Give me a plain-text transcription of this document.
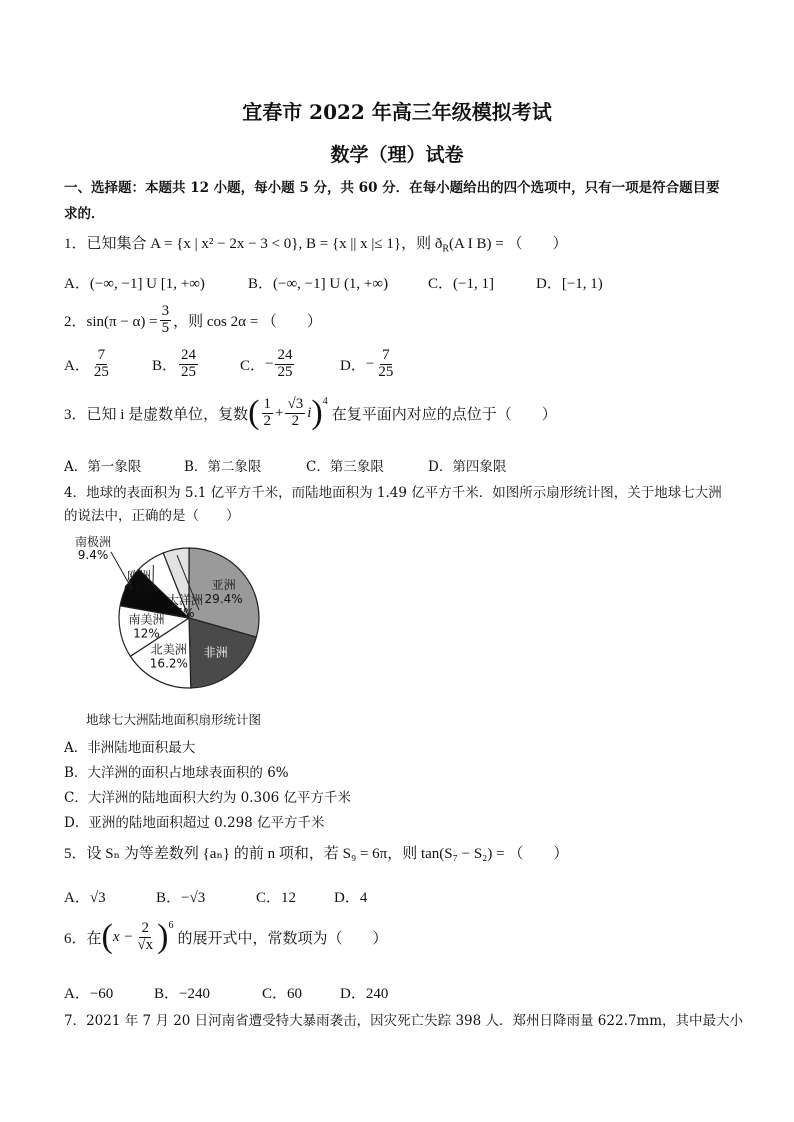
宜春市 2022 年高三年级模拟考试
数学（理）试卷
一、选择题：本题共 12 小题，每小题 5 分，共 60 分．在每小题给出的四个选项中，只有一项是符合题目要
求的．
1．已知集合 A = {x | x² − 2x − 3 < 0}, B = {x || x |≤ 1}，则 $ð_R(A$ I B) = （　　）
A．(−∞, −1] U [1, +∞)	B．(−∞, −1] U (1, +∞)	C．(−1, 1]	D．[−1, 1)
2．$\sin(\pi - \alpha) = \frac{3}{5}$ ，则 cos 2α = （　　）
A． $\frac{7}{25}$	B． $\frac{24}{25}$	C． − $\frac{24}{25}$	D． − $\frac{7}{25}$
3．已知 i 是虚数单位，复数 ( $\frac{1}{2} + \frac{√3}{2}$ i )$^4$
在复平面内对应的点位于（　　）
A．第一象限	B．第二象限	C．第三象限	D．第四象限
4．地球的表面积为 5.1 亿平方千米，而陆地面积为 1.49 亿平方千米．如图所示扇形统计图，关于地球七大洲
的说法中，正确的是（　　）
亚洲
29.4%
非洲
北美洲
16.2%
南美洲
12%
南极洲
9.4%
欧洲
6.8%
大洋洲
6%
地球七大洲陆地面积扇形统计图
A．非洲陆地面积最大
B．大洋洲的面积占地球表面积的 6%
C．大洋洲的陆地面积大约为 0.306 亿平方千米
D．亚洲的陆地面积超过 0.298 亿平方千米
5．设 Sₙ 为等差数列 {aₙ} 的前 n 项和，若 S₉ = 6π，则 tan(S₇ − S₂) = （　　）
A．√3	B．−√3	C．12	D．4
6．在 ( $x - \frac{2}{√x} )^6$
的展开式中，常数项为（　　）
A．−60	B．−240	C．60	D．240
7．2021 年 7 月 20 日河南省遭受特大暴雨袭击，因灾死亡失踪 398 人．郑州日降雨量 622.7mm，其中最大小
